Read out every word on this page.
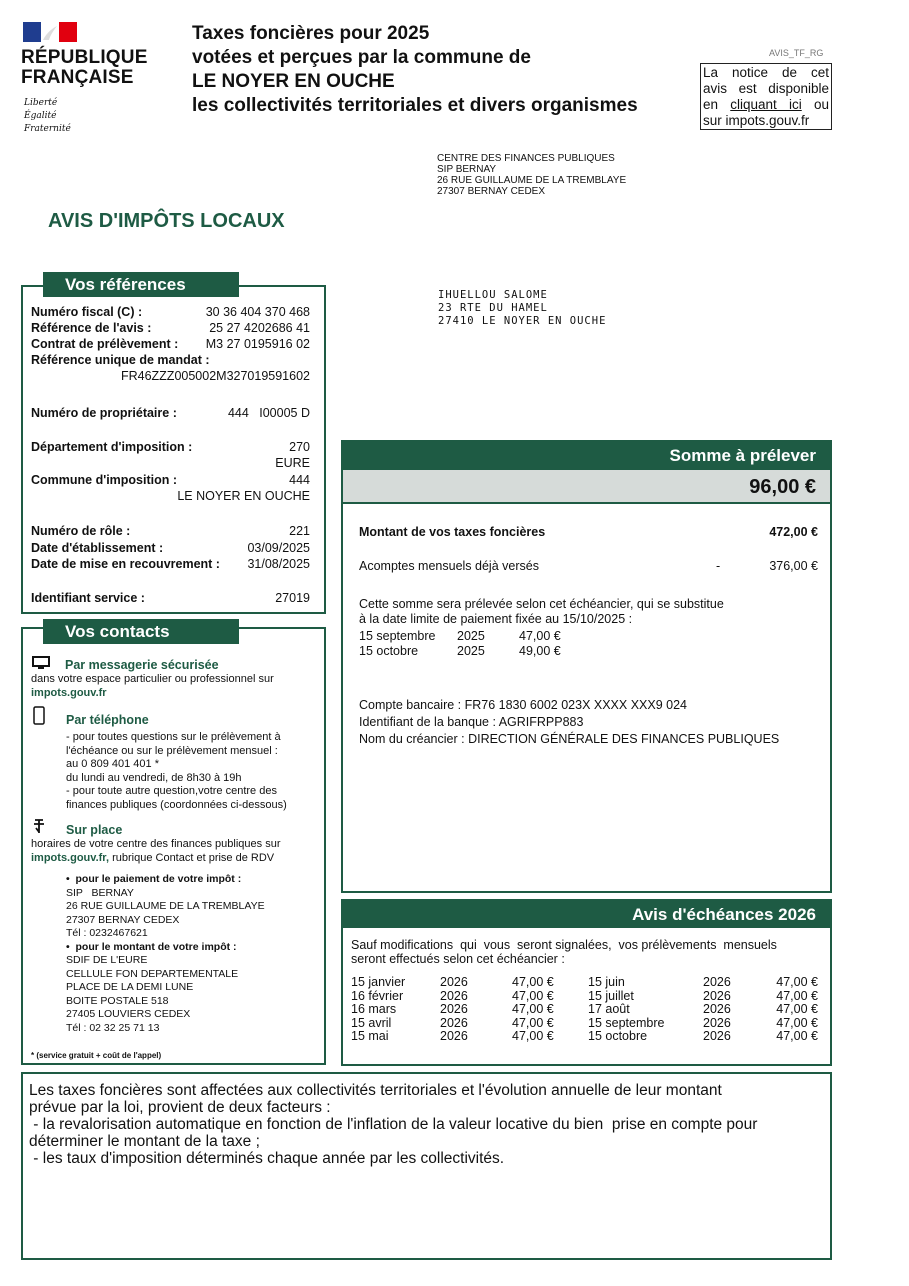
RÉPUBLIQUE
FRANÇAISE
Liberté
Égalité
Fraternité
Taxes foncières pour 2025
votées et perçues par la commune de
LE NOYER EN OUCHE
les collectivités territoriales et divers organismes
AVIS_TF_RG
La notice de cet
avis est disponible
en cliquant ici ou
sur impots.gouv.fr
CENTRE DES FINANCES PUBLIQUES
SIP BERNAY
26 RUE GUILLAUME DE LA TREMBLAYE
27307 BERNAY CEDEX
AVIS D'IMPÔTS LOCAUX
IHUELLOU SALOME
23 RTE DU HAMEL
27410 LE NOYER EN OUCHE
Vos références
Numéro fiscal (C) :	30 36 404 370 468
Référence de l'avis :	25 27 4202686 41
Contrat de prélèvement :	M3 27 0195916 02
Référence unique de mandat :
FR46ZZZ005002M327019591602
Numéro de propriétaire :	444   I00005 D
Département d'imposition :	270
EURE
Commune d'imposition :	444
LE NOYER EN OUCHE
Numéro de rôle :	221
Date d'établissement :	03/09/2025
Date de mise en recouvrement :	31/08/2025
Identifiant service :	27019
Vos contacts
Par messagerie sécurisée
dans votre espace particulier ou professionnel sur
impots.gouv.fr
Par téléphone
- pour toutes questions sur le prélèvement à
l'échéance ou sur le prélèvement mensuel :
au 0 809 401 401 *
du lundi au vendredi, de 8h30 à 19h
- pour toute autre question,votre centre des
finances publiques (coordonnées ci-dessous)
Sur place
horaires de votre centre des finances publiques sur
impots.gouv.fr, rubrique Contact et prise de RDV
•  pour le paiement de votre impôt :
SIP   BERNAY
26 RUE GUILLAUME DE LA TREMBLAYE
27307 BERNAY CEDEX
Tél : 0232467621
•  pour le montant de votre impôt :
SDIF DE L'EURE
CELLULE FON DEPARTEMENTALE
PLACE DE LA DEMI LUNE
BOITE POSTALE 518
27405 LOUVIERS CEDEX
Tél : 02 32 25 71 13
* (service gratuit + coût de l'appel)
Somme à prélever
96,00 €
Montant de vos taxes foncières	472,00 €
Acomptes mensuels déjà versés	-	376,00 €
Cette somme sera prélevée selon cet échéancier, qui se substitue
à la date limite de paiement fixée au 15/10/2025 :
15 septembre 2025	47,00 €
15 octobre	2025	49,00 €
Compte bancaire : FR76 1830 6002 023X XXXX XXX9 024
Identifiant de la banque : AGRIFRPP883
Nom du créancier : DIRECTION GÉNÉRALE DES FINANCES PUBLIQUES
Avis d'échéances 2026
Sauf modifications  qui  vous  seront signalées,  vos prélèvements  mensuels
seront effectués selon cet échéancier :
15 janvier	2026	47,00 €
16 février	2026	47,00 €
16 mars	2026	47,00 €
15 avril	2026	47,00 €
15 mai	2026	47,00 €
15 juin	2026	47,00 €
15 juillet	2026	47,00 €
17 août	2026	47,00 €
15 septembre	2026	47,00 €
15 octobre	2026	47,00 €
Les taxes foncières sont affectées aux collectivités territoriales et l'évolution annuelle de leur montant
prévue par la loi, provient de deux facteurs :
- la revalorisation automatique en fonction de l'inflation de la valeur locative du bien  prise en compte pour
déterminer le montant de la taxe ;
- les taux d'imposition déterminés chaque année par les collectivités.
